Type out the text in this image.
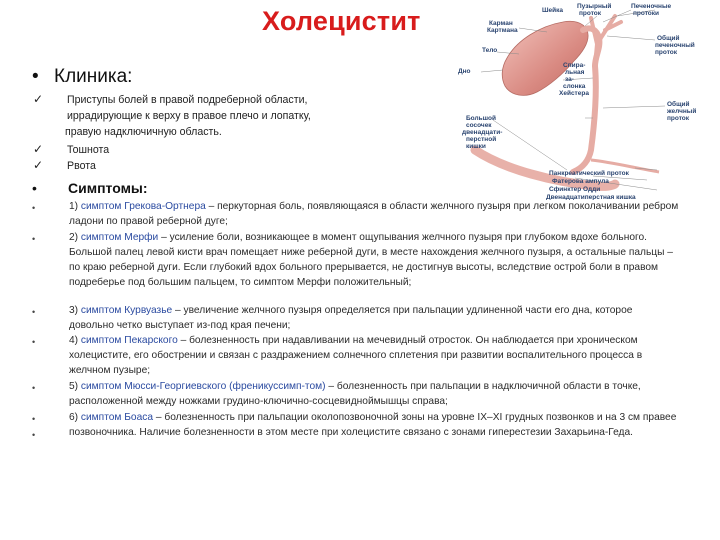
Холецистит
• Клиника:
✓ Приступы болей в правой подреберной области,
иррадирующие к верху в правое плечо и лопатку,
правую надключичную область.
✓ Тошнота
✓ Рвота
• Симптомы:
•	1) симптом Грекова-Ортнера – перкуторная боль, появляющаяся в области желчного пузыря при легком поколачивании ребром ладони по правой реберной дуге;
•	2) симптом Мерфи – усиление боли, возникающее в момент ощупывания желчного пузыря при глубоком вдохе больного. Большой палец левой кисти врач помещает ниже реберной дуги, в месте нахождения желчного пузыря, а остальные пальцы – по краю реберной дуги. Если глубокий вдох больного прерывается, не достигнув высоты, вследствие острой боли в правом подреберье под большим пальцем, то симптом Мерфи положительный;
•	3) симптом Курвуазье – увеличение желчного пузыря определяется при пальпации удлиненной части его дна, которое довольно четко выступает из-под края печени;
•	4) симптом Пекарского – болезненность при надавливании на мечевидный отросток. Он наблюдается при хроническом холецистите, его обострении и связан с раздражением солнечного сплетения при развитии воспалительного процесса в желчном пузыре;
•	5) симптом Мюсси-Георгиевского (френикуссимп-том) – болезненность при пальпации в надключичной области в точке, расположенной между ножками грудино-ключично-сосцевидноймышцы справа;
•	6) симптом Боаса – болезненность при пальпации околопозвоночной зоны на уровне IX–XI грудных позвонков и на 3 см правее позвоночника. Наличие болезненности в этом месте при холецистите связано с зонами гиперестезии Захарьина-Геда.
•
Шейка
Пузырный проток
Печеночные протоки
Карман Картмана
Тело
Дно
Общий печеночный проток
Спира-льная за-слонка Хейстера
Общий желчный проток
Большой сосочек двенадцати-перстной кишки
Панкреатический проток
Фатерова ампула
Сфинктер Одди
Двенадцатиперстная кишка
